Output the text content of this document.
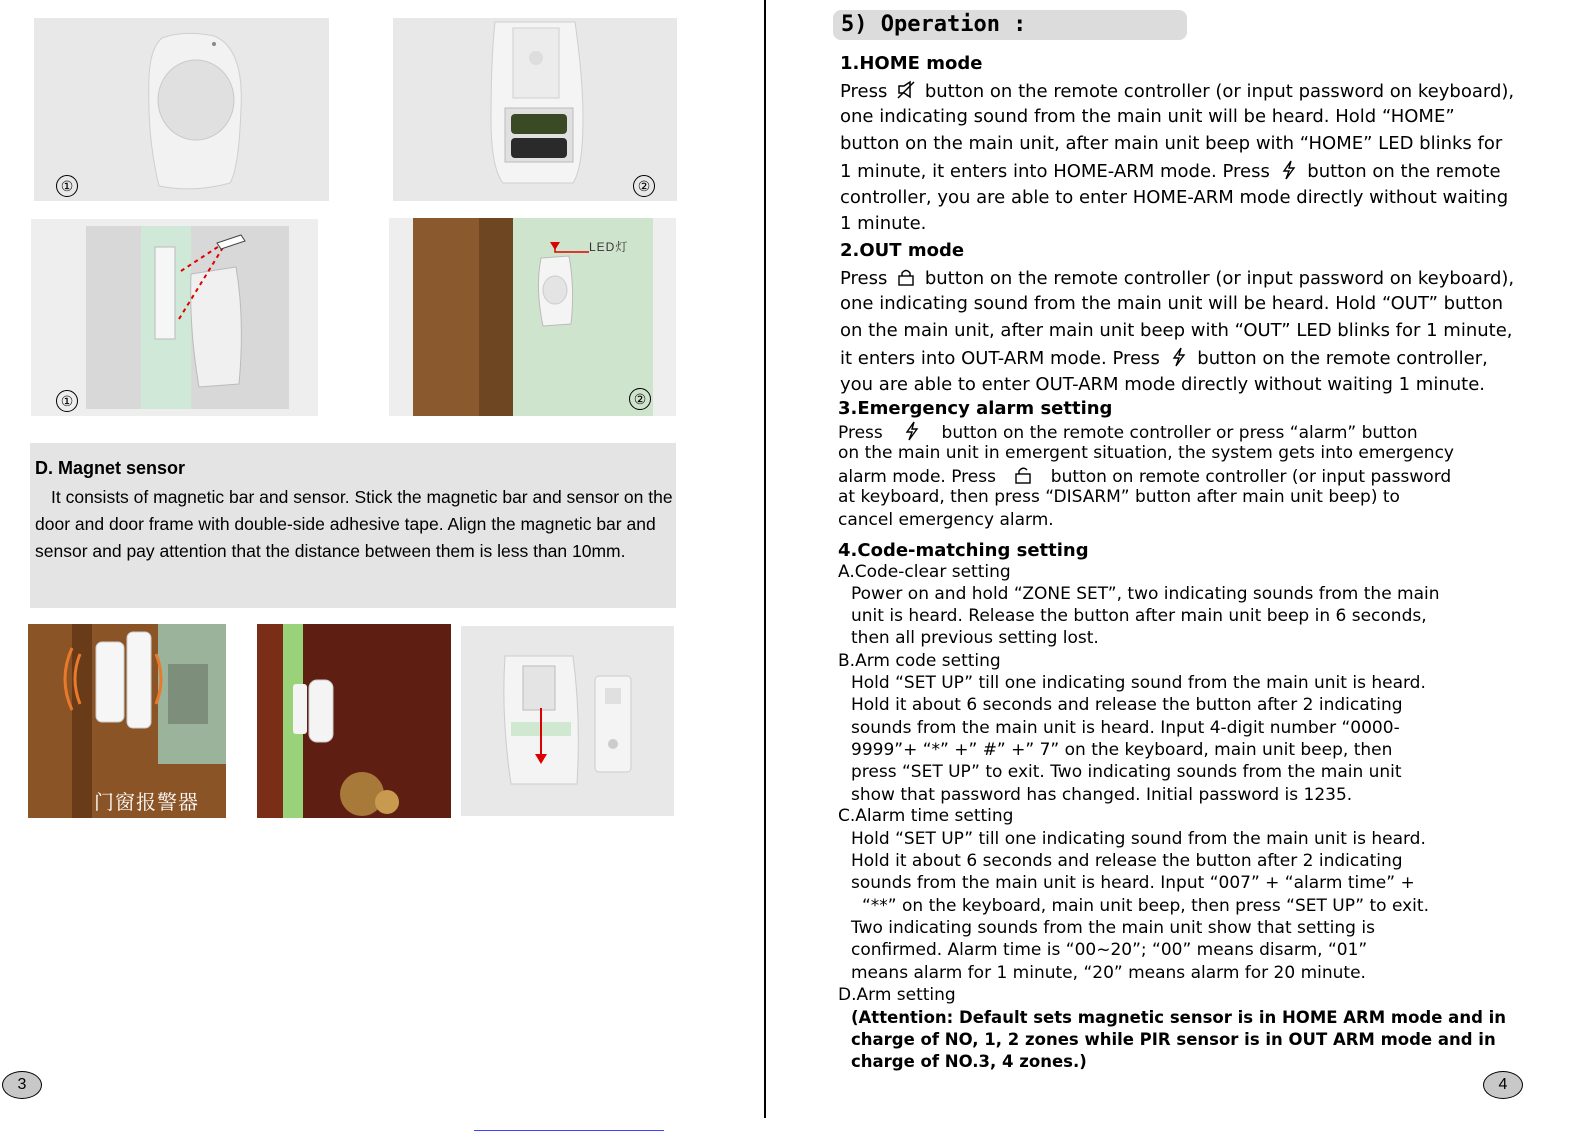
①	②
①
LED灯
②
D. Magnet sensor
It consists of magnetic bar and sensor. Stick the magnetic bar and sensor on the door and door frame with double-side adhesive tape. Align the magnetic bar and sensor and pay attention that the distance between them is less than 10mm.
门窗报警器
3
5) Operation :
1.HOME mode
Press  button on the remote controller (or input password on keyboard),
one indicating sound from the main unit will be heard. Hold “HOME”
button on the main unit, after main unit beep with “HOME” LED blinks for
1 minute, it enters into HOME-ARM mode. Press  button on the remote
controller, you are able to enter HOME-ARM mode directly without waiting
1 minute.
2.OUT mode
Press  button on the remote controller (or input password on keyboard),
one indicating sound from the main unit will be heard. Hold “OUT” button
on the main unit, after main unit beep with “OUT” LED blinks for 1 minute,
it enters into OUT-ARM mode. Press  button on the remote controller,
you are able to enter OUT-ARM mode directly without waiting 1 minute.
3.Emergency alarm setting
Press	button on the remote controller or press “alarm” button
on the main unit in emergent situation, the system gets into emergency
alarm mode. Press	button on remote controller (or input password
at keyboard, then press “DISARM” button after main unit beep) to
cancel emergency alarm.
4.Code-matching setting
A.Code-clear setting
Power on and hold “ZONE SET”, two indicating sounds from the main
unit is heard. Release the button after main unit beep in 6 seconds,
then all previous setting lost.
B.Arm code setting
Hold “SET UP” till one indicating sound from the main unit is heard.
Hold it about 6 seconds and release the button after 2 indicating
sounds from the main unit is heard. Input 4-digit number “0000-
9999”+ “*” +” #” +” 7” on the keyboard, main unit beep, then
press “SET UP” to exit. Two indicating sounds from the main unit
show that password has changed. Initial password is 1235.
C.Alarm time setting
Hold “SET UP” till one indicating sound from the main unit is heard.
Hold it about 6 seconds and release the button after 2 indicating
sounds from the main unit is heard. Input “007” + “alarm time” +
“**” on the keyboard, main unit beep, then press “SET UP” to exit.
Two indicating sounds from the main unit show that setting is
confirmed. Alarm time is “00~20”; “00” means disarm, “01”
means alarm for 1 minute, “20” means alarm for 20 minute.
D.Arm setting
(Attention: Default sets magnetic sensor is in HOME ARM mode and in
charge of NO, 1, 2 zones while PIR sensor is in OUT ARM mode and in
charge of NO.3, 4 zones.)
4
